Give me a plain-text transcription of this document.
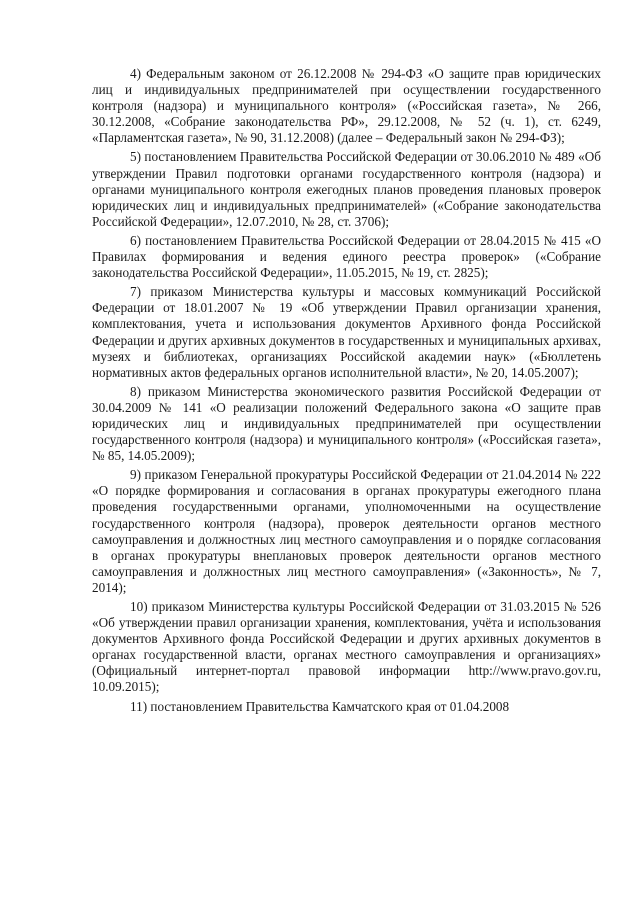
4) Федеральным законом от 26.12.2008 № 294-ФЗ «О защите прав юридических лиц и индивидуальных предпринимателей при осуществлении государственного контроля (надзора) и муниципального контроля» («Российская газета», № 266, 30.12.2008, «Собрание законодательства РФ», 29.12.2008, № 52 (ч. 1), ст. 6249, «Парламентская газета», № 90, 31.12.2008) (далее – Федеральный закон № 294-ФЗ);

5) постановлением Правительства Российской Федерации от 30.06.2010 № 489 «Об утверждении Правил подготовки органами государственного контроля (надзора) и органами муниципального контроля ежегодных планов проведения плановых проверок юридических лиц и индивидуальных предпринимателей» («Собрание законодательства Российской Федерации», 12.07.2010, № 28, ст. 3706);

6) постановлением Правительства Российской Федерации от 28.04.2015 № 415 «О Правилах формирования и ведения единого реестра проверок» («Собрание законодательства Российской Федерации», 11.05.2015, № 19, ст. 2825);

7) приказом Министерства культуры и массовых коммуникаций Российской Федерации от 18.01.2007 № 19 «Об утверждении Правил организации хранения, комплектования, учета и использования документов Архивного фонда Российской Федерации и других архивных документов в государственных и муниципальных архивах, музеях и библиотеках, организациях Российской академии наук» («Бюллетень нормативных актов федеральных органов исполнительной власти», № 20, 14.05.2007);

8) приказом Министерства экономического развития Российской Федерации от 30.04.2009 № 141 «О реализации положений Федерального закона «О защите прав юридических лиц и индивидуальных предпринимателей при осуществлении государственного контроля (надзора) и муниципального контроля» («Российская газета», № 85, 14.05.2009);

9) приказом Генеральной прокуратуры Российской Федерации от 21.04.2014 № 222 «О порядке формирования и согласования в органах прокуратуры ежегодного плана проведения государственными органами, уполномоченными на осуществление государственного контроля (надзора), проверок деятельности органов местного самоуправления и должностных лиц местного самоуправления и о порядке согласования в органах прокуратуры внеплановых проверок деятельности органов местного самоуправления и должностных лиц местного самоуправления» («Законность», № 7, 2014);

10) приказом Министерства культуры Российской Федерации от 31.03.2015 № 526 «Об утверждении правил организации хранения, комплектования, учёта и использования документов Архивного фонда Российской Федерации и других архивных документов в органах государственной власти, органах местного самоуправления и организациях» (Официальный интернет-портал правовой информации http://www.pravo.gov.ru, 10.09.2015);

11) постановлением Правительства Камчатского края от 01.04.2008
